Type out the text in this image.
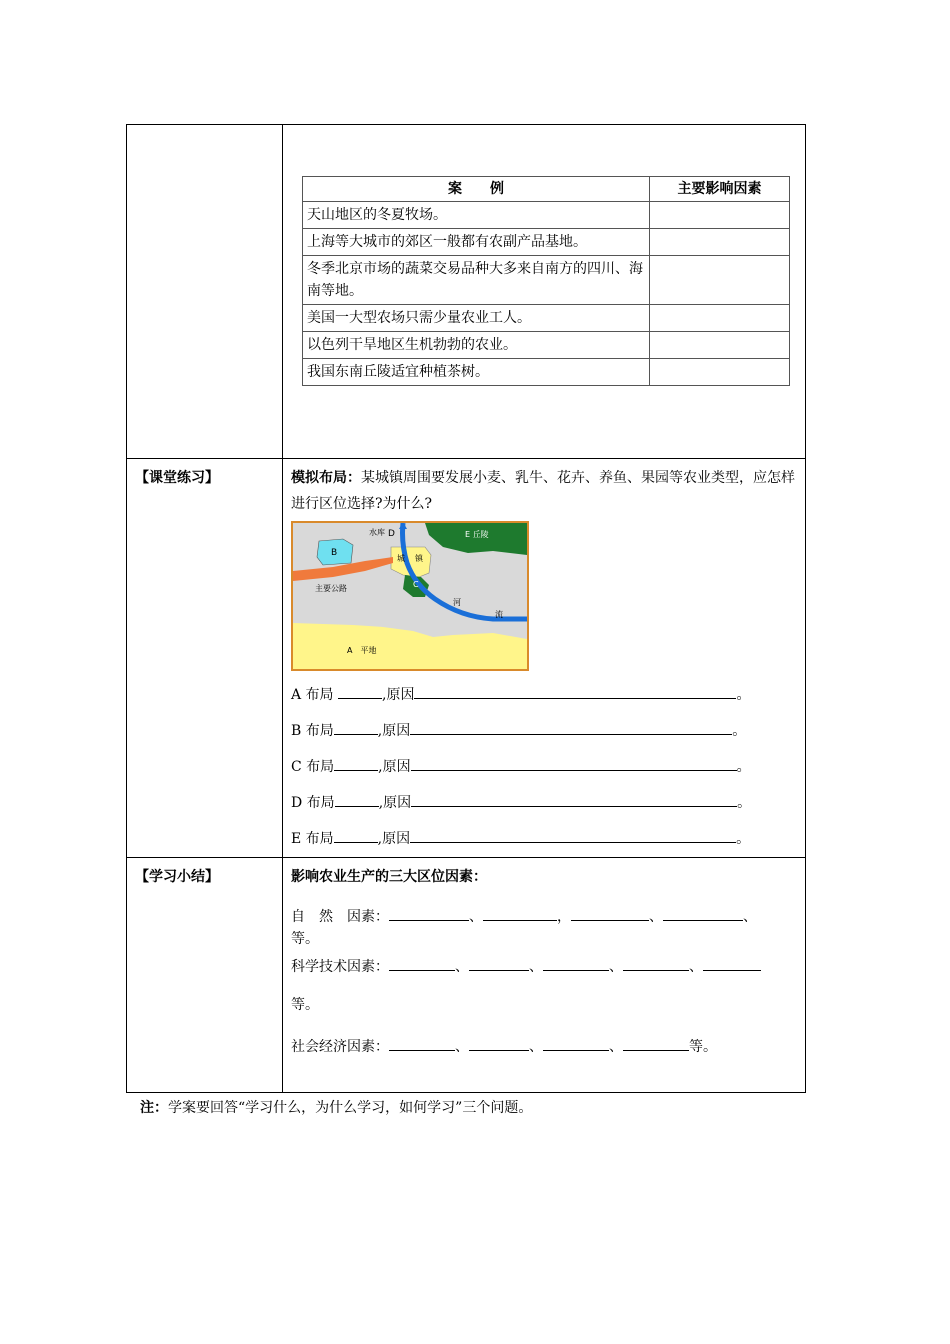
案　　例	主要影响因素
天山地区的冬夏牧场。	
上海等大城市的郊区一般都有农副产品基地。	
冬季北京市场的蔬菜交易品种大多来自南方的四川、海南等地。	
美国一大型农场只需少量农业工人。	
以色列干旱地区生机勃勃的农业。	
我国东南丘陵适宜种植茶树。	

【课堂练习】	模拟布局：某城镇周围要发展小麦、乳牛、花卉、养鱼、果园等农业类型，应怎样进行区位选择?为什么?
水库 D	E 丘陵
B
城 镇
C
主要公路
河
流
A　平地
A 布局	,原因	。
B 布局	,原因	。
C 布局	,原因	。
D 布局	,原因	。
E 布局	,原因	。

【学习小结】	影响农业生产的三大区位因素：
自　然　因素：	、	，	、	、
等。
科学技术因素：	、	、	、	、
等。
社会经济因素：	、	、	、	等。
注：学案要回答“学习什么，为什么学习，如何学习”三个问题。
